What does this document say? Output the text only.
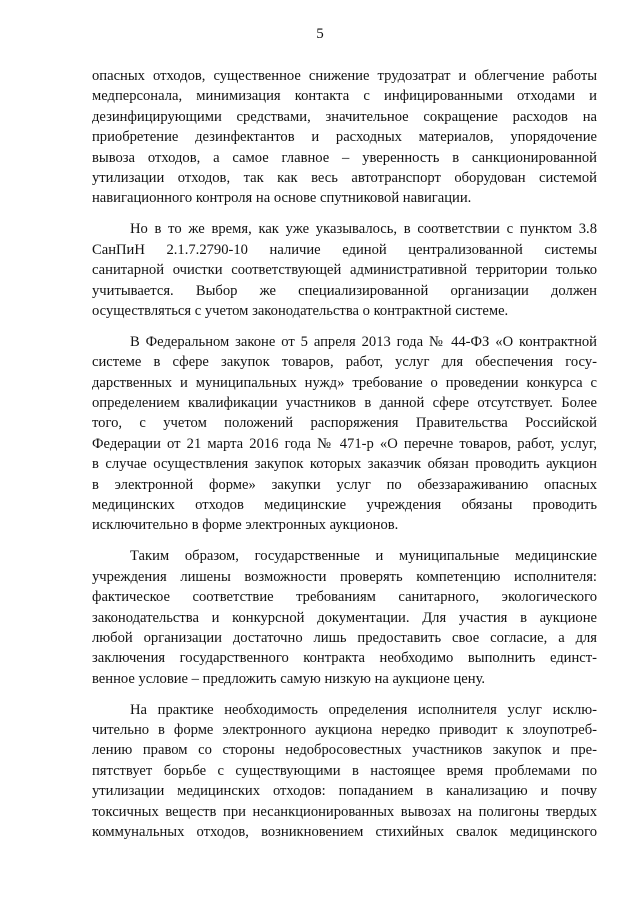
5
опасных отходов, существенное снижение трудозатрат и облегчение работы
медперсонала, минимизация контакта с инфицированными отходами и
дезинфицирующими средствами, значительное сокращение расходов на
приобретение дезинфектантов и расходных материалов, упорядочение
вывоза отходов, а самое главное – уверенность в санкционированной
утилизации отходов, так как весь автотранспорт оборудован системой
навигационного контроля на основе спутниковой навигации.
Но в то же время, как уже указывалось, в соответствии с пунктом 3.8
СанПиН 2.1.7.2790-10 наличие единой централизованной системы
санитарной очистки соответствующей административной территории только
учитывается. Выбор же специализированной организации должен
осуществляться с учетом законодательства о контрактной системе.
В Федеральном законе от 5 апреля 2013 года № 44-ФЗ «О контрактной
системе в сфере закупок товаров, работ, услуг для обеспечения госу-
дарственных и муниципальных нужд» требование о проведении конкурса с
определением квалификации участников в данной сфере отсутствует. Более
того, с учетом положений распоряжения Правительства Российской
Федерации от 21 марта 2016 года № 471-р «О перечне товаров, работ, услуг,
в случае осуществления закупок которых заказчик обязан проводить аукцион
в электронной форме» закупки услуг по обеззараживанию опасных
медицинских отходов медицинские учреждения обязаны проводить
исключительно в форме электронных аукционов.
Таким образом, государственные и муниципальные медицинские
учреждения лишены возможности проверять компетенцию исполнителя:
фактическое соответствие требованиям санитарного, экологического
законодательства и конкурсной документации. Для участия в аукционе
любой организации достаточно лишь предоставить свое согласие, а для
заключения государственного контракта необходимо выполнить единст-
венное условие – предложить самую низкую на аукционе цену.
На практике необходимость определения исполнителя услуг исклю-
чительно в форме электронного аукциона нередко приводит к злоупотреб-
лению правом со стороны недобросовестных участников закупок и пре-
пятствует борьбе с существующими в настоящее время проблемами по
утилизации медицинских отходов: попаданием в канализацию и почву
токсичных веществ при несанкционированных вывозах на полигоны твердых
коммунальных отходов, возникновением стихийных свалок медицинского
